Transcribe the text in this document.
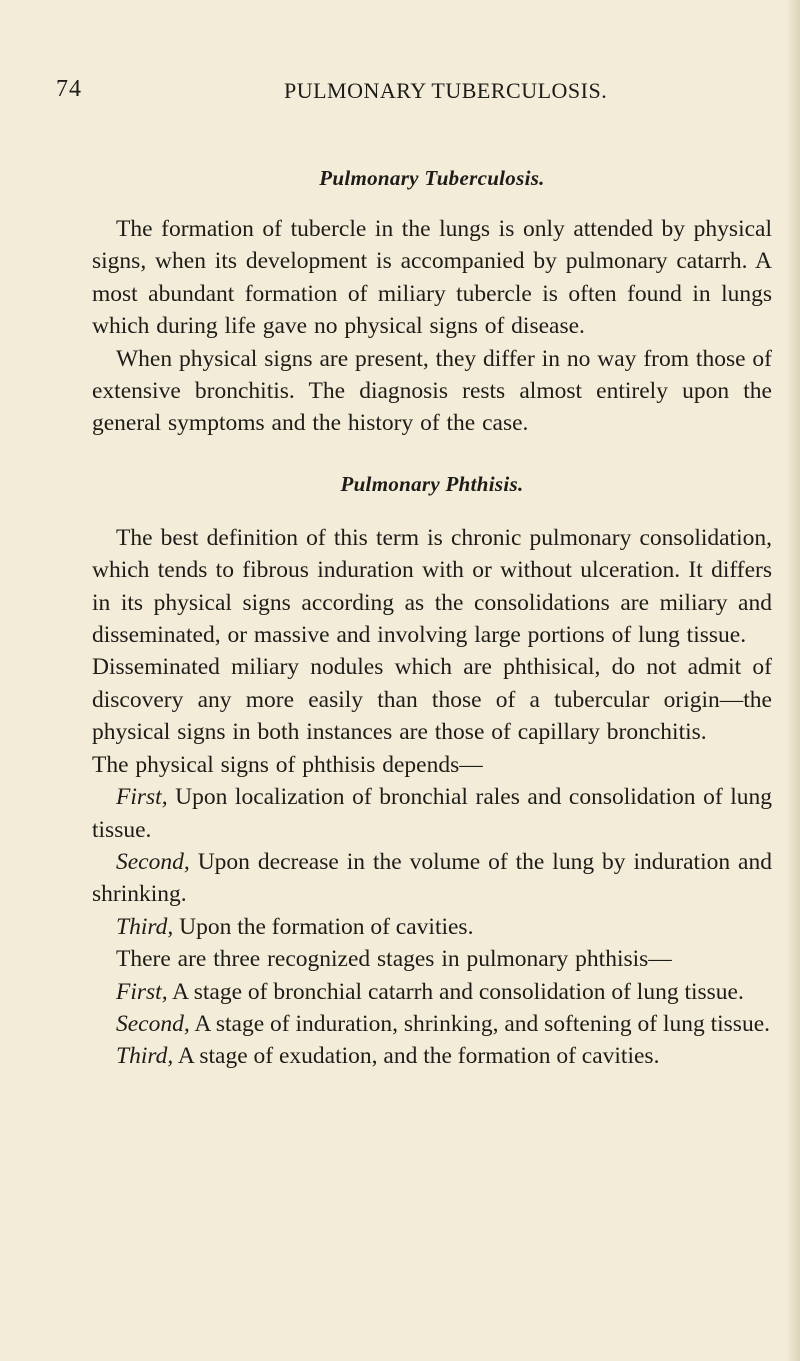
74	PULMONARY TUBERCULOSIS.
Pulmonary Tuberculosis.

The formation of tubercle in the lungs is only attended by physical signs, when its development is accompanied by pulmonary catarrh. A most abundant formation of miliary tubercle is often found in lungs which during life gave no physical signs of disease.

When physical signs are present, they differ in no way from those of extensive bronchitis. The diagnosis rests almost entirely upon the general symptoms and the history of the case.

Pulmonary Phthisis.

The best definition of this term is chronic pulmonary consolidation, which tends to fibrous induration with or without ulceration. It differs in its physical signs according as the consolidations are miliary and disseminated, or massive and involving large portions of lung tissue.

Disseminated miliary nodules which are phthisical, do not admit of discovery any more easily than those of a tubercular origin—the physical signs in both instances are those of capillary bronchitis.

The physical signs of phthisis depends—

First, Upon localization of bronchial rales and consolidation of lung tissue.

Second, Upon decrease in the volume of the lung by induration and shrinking.

Third, Upon the formation of cavities.

There are three recognized stages in pulmonary phthisis—

First, A stage of bronchial catarrh and consolidation of lung tissue.

Second, A stage of induration, shrinking, and softening of lung tissue.

Third, A stage of exudation, and the formation of cavities.
